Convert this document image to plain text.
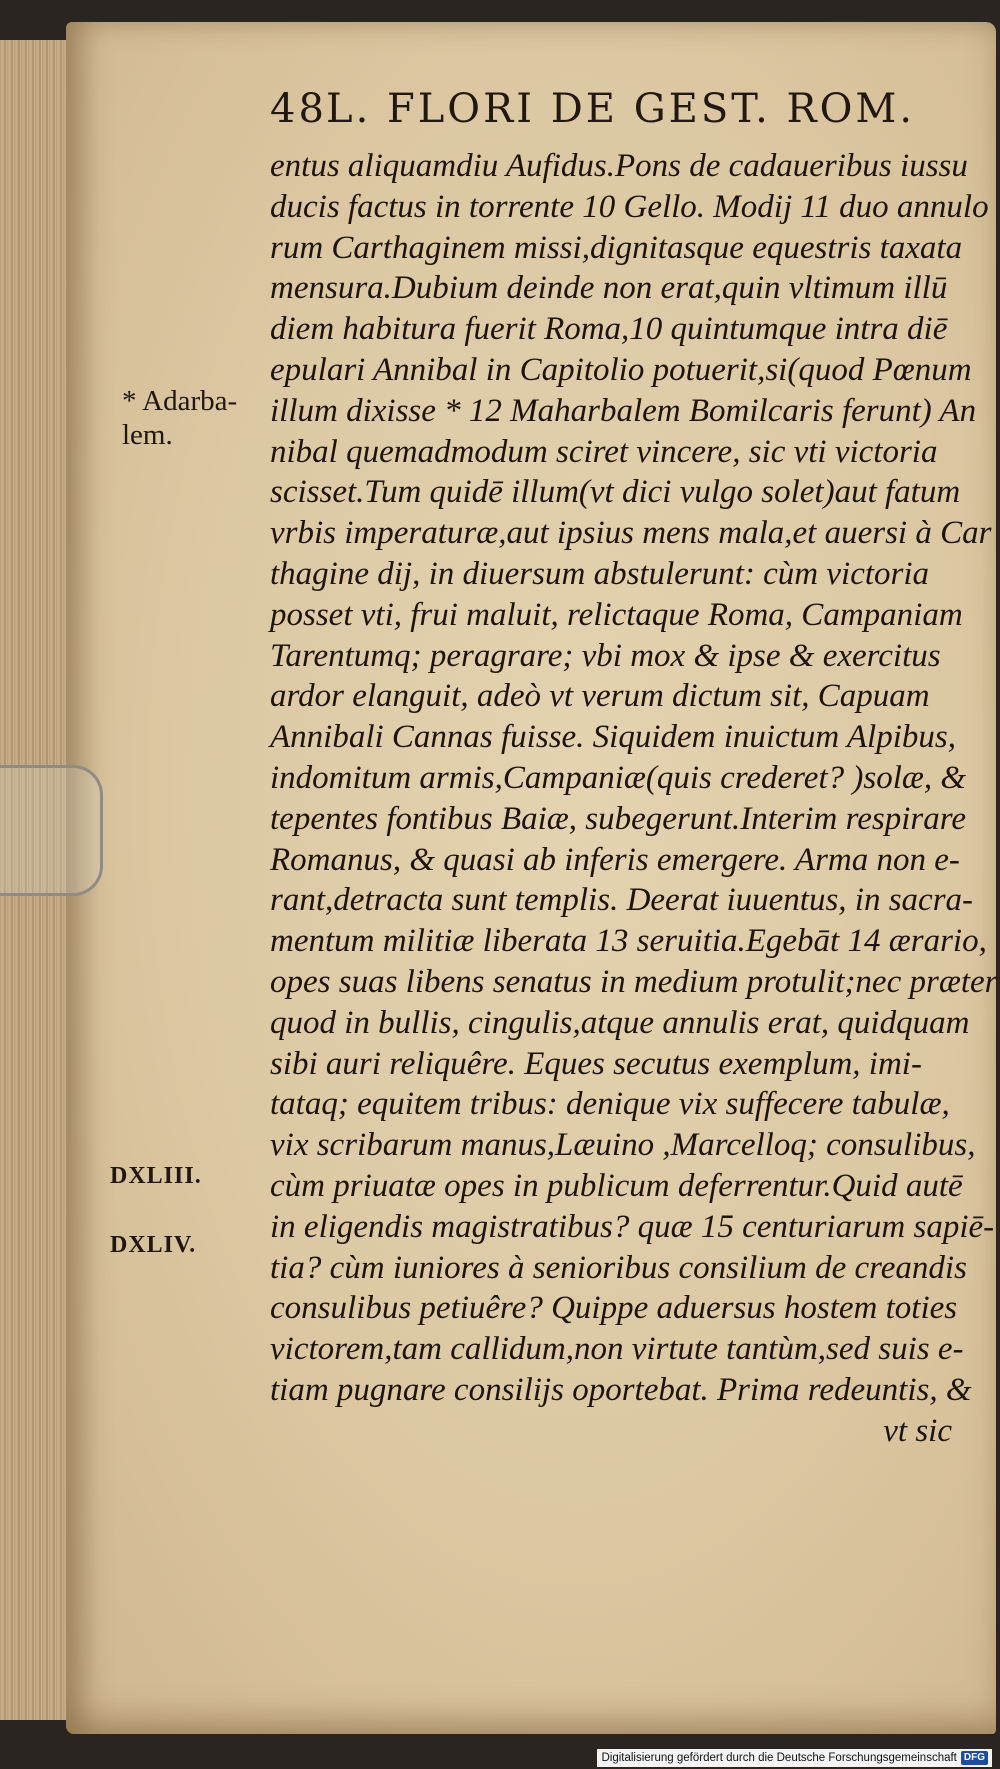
48 L. FLORI DE GEST. ROM.
entus aliquamdiu Aufidus.Pons de cadaueribus iussu
ducis factus in torrente 10 Gello. Modij 11 duo annulo
rum Carthaginem missi,dignitasque equestris taxata
mensura.Dubium deinde non erat,quin vltimum illū
diem habitura fuerit Roma,10 quintumque intra diē
epulari Annibal in Capitolio potuerit,si(quod Pœnum
illum dixisse * 12 Maharbalem Bomilcaris ferunt) An
nibal quemadmodum sciret vincere, sic vti victoria
scisset.Tum quidē illum(vt dici vulgo solet)aut fatum
vrbis imperaturæ,aut ipsius mens mala,et auersi à Car
thagine dij, in diuersum abstulerunt: cùm victoria
posset vti, frui maluit, relictaque Roma, Campaniam
Tarentumq; peragrare; vbi mox & ipse & exercitus
ardor elanguit, adeò vt verum dictum sit, Capuam
Annibali Cannas fuisse. Siquidem inuictum Alpibus,
indomitum armis,Campaniæ(quis crederet? )solæ, &
tepentes fontibus Baiæ, subegerunt.Interim respirare
Romanus, & quasi ab inferis emergere. Arma non e-
rant,detracta sunt templis. Deerat iuuentus, in sacra-
mentum militiæ liberata 13 seruitia.Egebāt 14 ærario,
opes suas libens senatus in medium protulit;nec præter
quod in bullis, cingulis,atque annulis erat, quidquam
sibi auri reliquêre. Eques secutus exemplum, imi-
tataq; equitem tribus: denique vix suffecere tabulæ,
vix scribarum manus,Læuino ,Marcelloq; consulibus,
cùm priuatæ opes in publicum deferrentur.Quid autē
in eligendis magistratibus? quæ 15 centuriarum sapiē-
tia? cùm iuniores à senioribus consilium de creandis
consulibus petiuêre? Quippe aduersus hostem toties
victorem,tam callidum,non virtute tantùm,sed suis e-
tiam pugnare consilijs oportebat. Prima redeuntis, &
vt sic
* Adarba-
lem.
DXLIII.
DXLIV.
Digitalisierung gefördert durch die Deutsche Forschungsgemeinschaft DFG
